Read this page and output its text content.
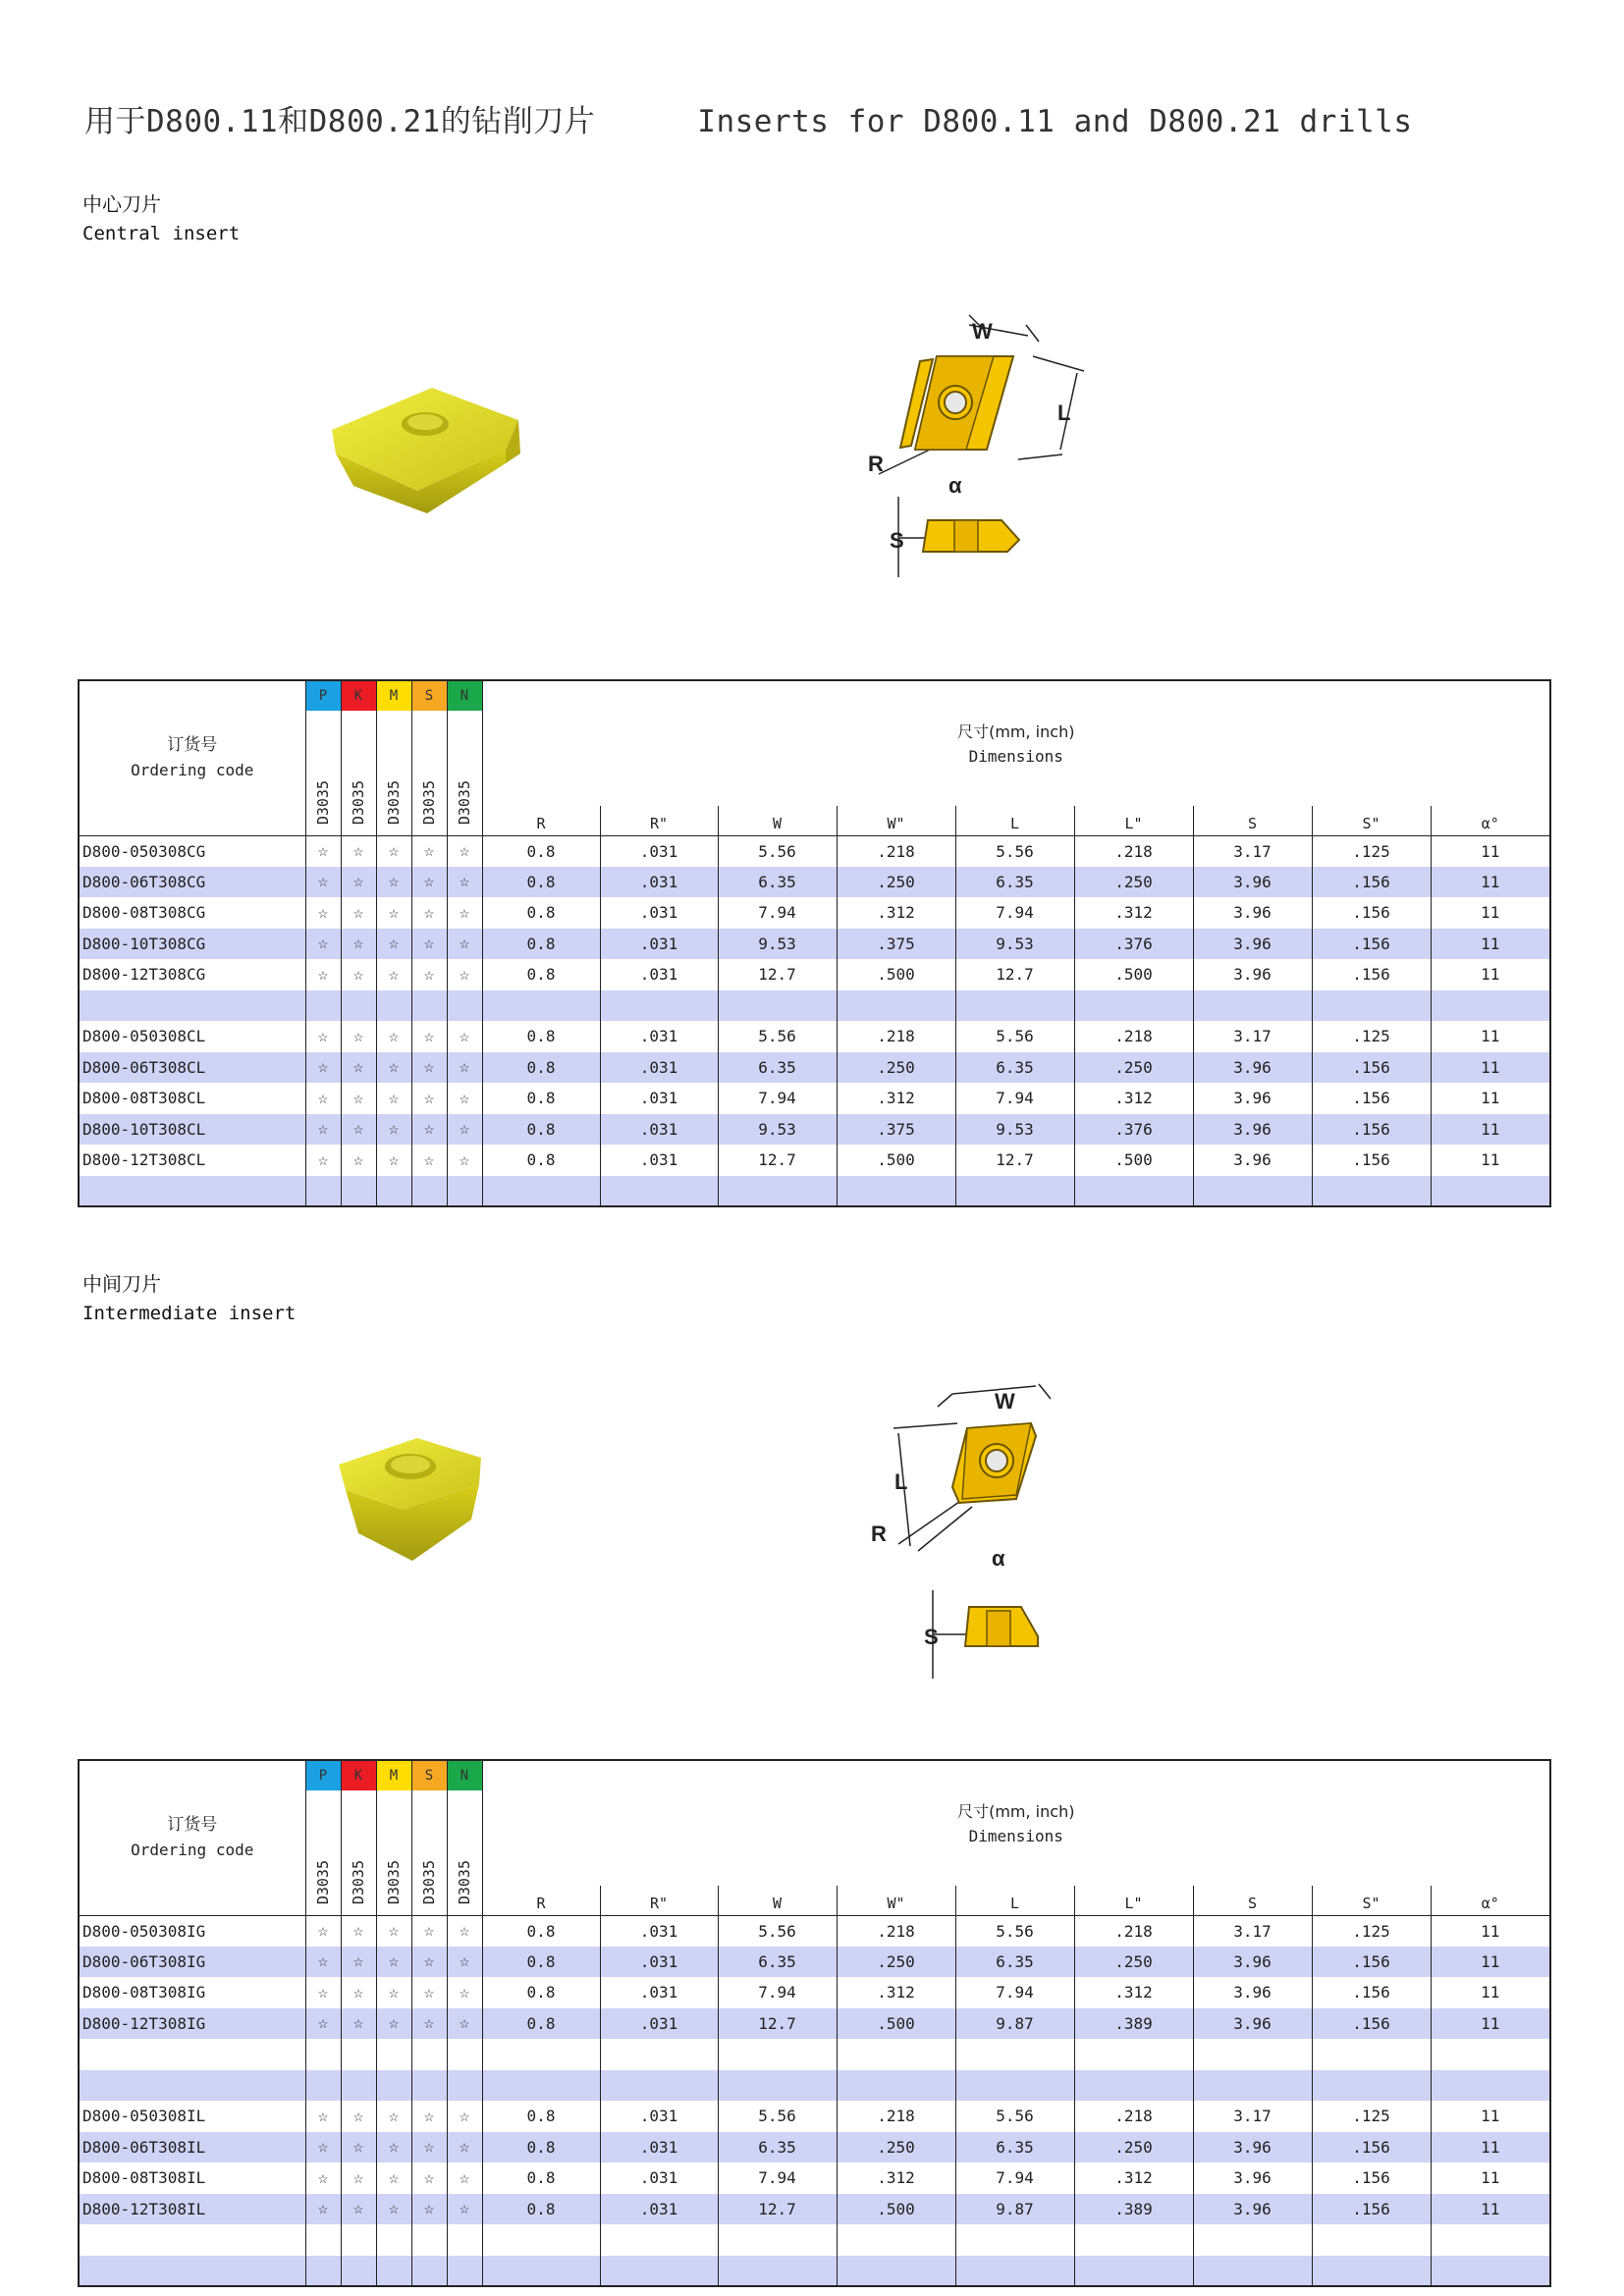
用于D800.11和D800.21的钻削刀片	Inserts for D800.11 and D800.21 drills
中心刀片
Central insert
W
L
R
α
S
订货号
Ordering code	P	K	M	S	N	尺寸(mm, inch)
Dimensions								
	D3035	D3035	D3035	D3035	D3035									
						R	R"	W	W"	L	L"	S	S"	α°
D800-050308CG	☆	☆	☆	☆	☆	0.8	.031	5.56	.218	5.56	.218	3.17	.125	11
D800-06T308CG	☆	☆	☆	☆	☆	0.8	.031	6.35	.250	6.35	.250	3.96	.156	11
D800-08T308CG	☆	☆	☆	☆	☆	0.8	.031	7.94	.312	7.94	.312	3.96	.156	11
D800-10T308CG	☆	☆	☆	☆	☆	0.8	.031	9.53	.375	9.53	.376	3.96	.156	11
D800-12T308CG	☆	☆	☆	☆	☆	0.8	.031	12.7	.500	12.7	.500	3.96	.156	11

D800-050308CL	☆	☆	☆	☆	☆	0.8	.031	5.56	.218	5.56	.218	3.17	.125	11
D800-06T308CL	☆	☆	☆	☆	☆	0.8	.031	6.35	.250	6.35	.250	3.96	.156	11
D800-08T308CL	☆	☆	☆	☆	☆	0.8	.031	7.94	.312	7.94	.312	3.96	.156	11
D800-10T308CL	☆	☆	☆	☆	☆	0.8	.031	9.53	.375	9.53	.376	3.96	.156	11
D800-12T308CL	☆	☆	☆	☆	☆	0.8	.031	12.7	.500	12.7	.500	3.96	.156	11

中间刀片
Intermediate insert
W
L
R
α
S
订货号
Ordering code	P	K	M	S	N	尺寸(mm, inch)
Dimensions								
	D3035	D3035	D3035	D3035	D3035									
						R	R"	W	W"	L	L"	S	S"	α°
D800-050308IG	☆	☆	☆	☆	☆	0.8	.031	5.56	.218	5.56	.218	3.17	.125	11
D800-06T308IG	☆	☆	☆	☆	☆	0.8	.031	6.35	.250	6.35	.250	3.96	.156	11
D800-08T308IG	☆	☆	☆	☆	☆	0.8	.031	7.94	.312	7.94	.312	3.96	.156	11
D800-12T308IG	☆	☆	☆	☆	☆	0.8	.031	12.7	.500	9.87	.389	3.96	.156	11

D800-050308IL	☆	☆	☆	☆	☆	0.8	.031	5.56	.218	5.56	.218	3.17	.125	11
D800-06T308IL	☆	☆	☆	☆	☆	0.8	.031	6.35	.250	6.35	.250	3.96	.156	11
D800-08T308IL	☆	☆	☆	☆	☆	0.8	.031	7.94	.312	7.94	.312	3.96	.156	11
D800-12T308IL	☆	☆	☆	☆	☆	0.8	.031	12.7	.500	9.87	.389	3.96	.156	11
